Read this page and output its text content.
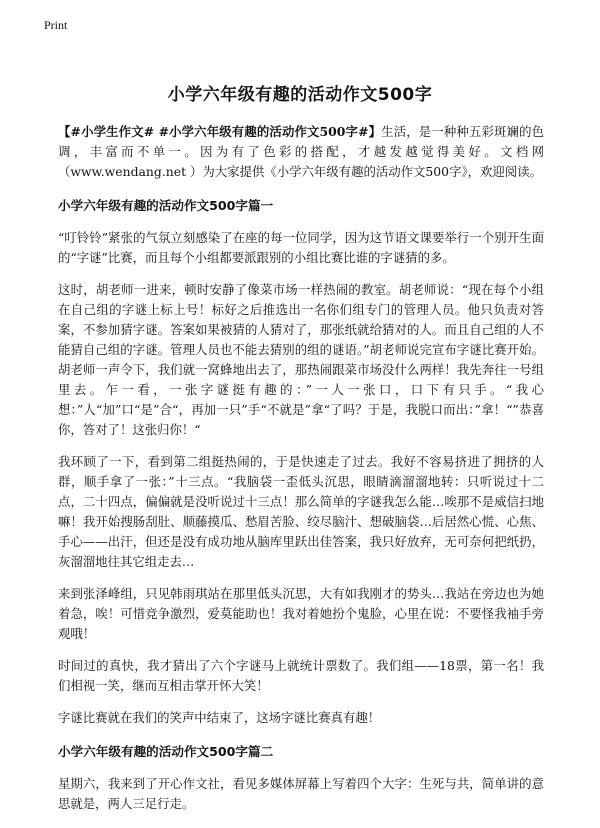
Print
小学六年级有趣的活动作文500字

【#小学生作文# #小学六年级有趣的活动作文500字#】生活，是一种种五彩斑斓的色调，丰富而不单一。因为有了色彩的搭配，才越发越觉得美好。文档网（www.wendang.net ）为大家提供《小学六年级有趣的活动作文500字》，欢迎阅读。

小学六年级有趣的活动作文500字篇一

“叮铃铃”紧张的气氛立刻感染了在座的每一位同学，因为这节语文课要举行一个别开生面的“字谜”比赛，而且每个小组都要派跟别的小组比赛比谁的字谜猜的多。

这时，胡老师一进来，顿时安静了像菜市场一样热闹的教室。胡老师说：“现在每个小组在自己组的字谜上标上号！标好之后推选出一名你们组专门的管理人员。他只负责对答案，不参加猜字谜。答案如果被猜的人猜对了，那张纸就给猜对的人。而且自己组的人不能猜自己组的字谜。管理人员也不能去猜别的组的谜语。”胡老师说完宣布字谜比赛开始。胡老师一声令下，我们就一窝蜂地出去了，那热闹跟菜市场没什么两样！我先奔往一号组里去。乍一看，一张字谜挺有趣的：”一人一张口，口下有只手。“我心想：”人“加”口“是”合“，再加一只”手“不就是”拿“了吗？于是，我脱口而出：”拿！“”恭喜你，答对了！这张归你！“

我环顾了一下，看到第二组挺热闹的，于是快速走了过去。我好不容易挤进了拥挤的人群，顺手拿了一张：”十三点。“我脑袋一歪低头沉思，眼睛滴溜溜地转：只听说过十二点，二十四点，偏偏就是没听说过十三点！那么简单的字谜我怎么能…唉那不是威信扫地嘛！我开始搜肠刮肚、顺藤摸瓜、愁眉苦脸、绞尽脑汁、想破脑袋…后居然心慌、心焦、手心——出汗，但还是没有成功地从脑库里跃出佳答案，我只好放弃，无可奈何把纸扔，灰溜溜地往其它组走去…

来到张泽峰组，只见韩雨琪站在那里低头沉思，大有如我刚才的势头…我站在旁边也为她着急，唉！可惜竞争激烈，爱莫能助也！我对着她扮个鬼脸，心里在说：不要怪我袖手旁观哦！

时间过的真快，我才猜出了六个字谜马上就统计票数了。我们组——18票，第一名！我们相视一笑，继而互相击掌开怀大笑！

字谜比赛就在我们的笑声中结束了，这场字谜比赛真有趣！

小学六年级有趣的活动作文500字篇二

星期六，我来到了开心作文社，看见多媒体屏幕上写着四个大字：生死与共，简单讲的意思就是，两人三足行走。
